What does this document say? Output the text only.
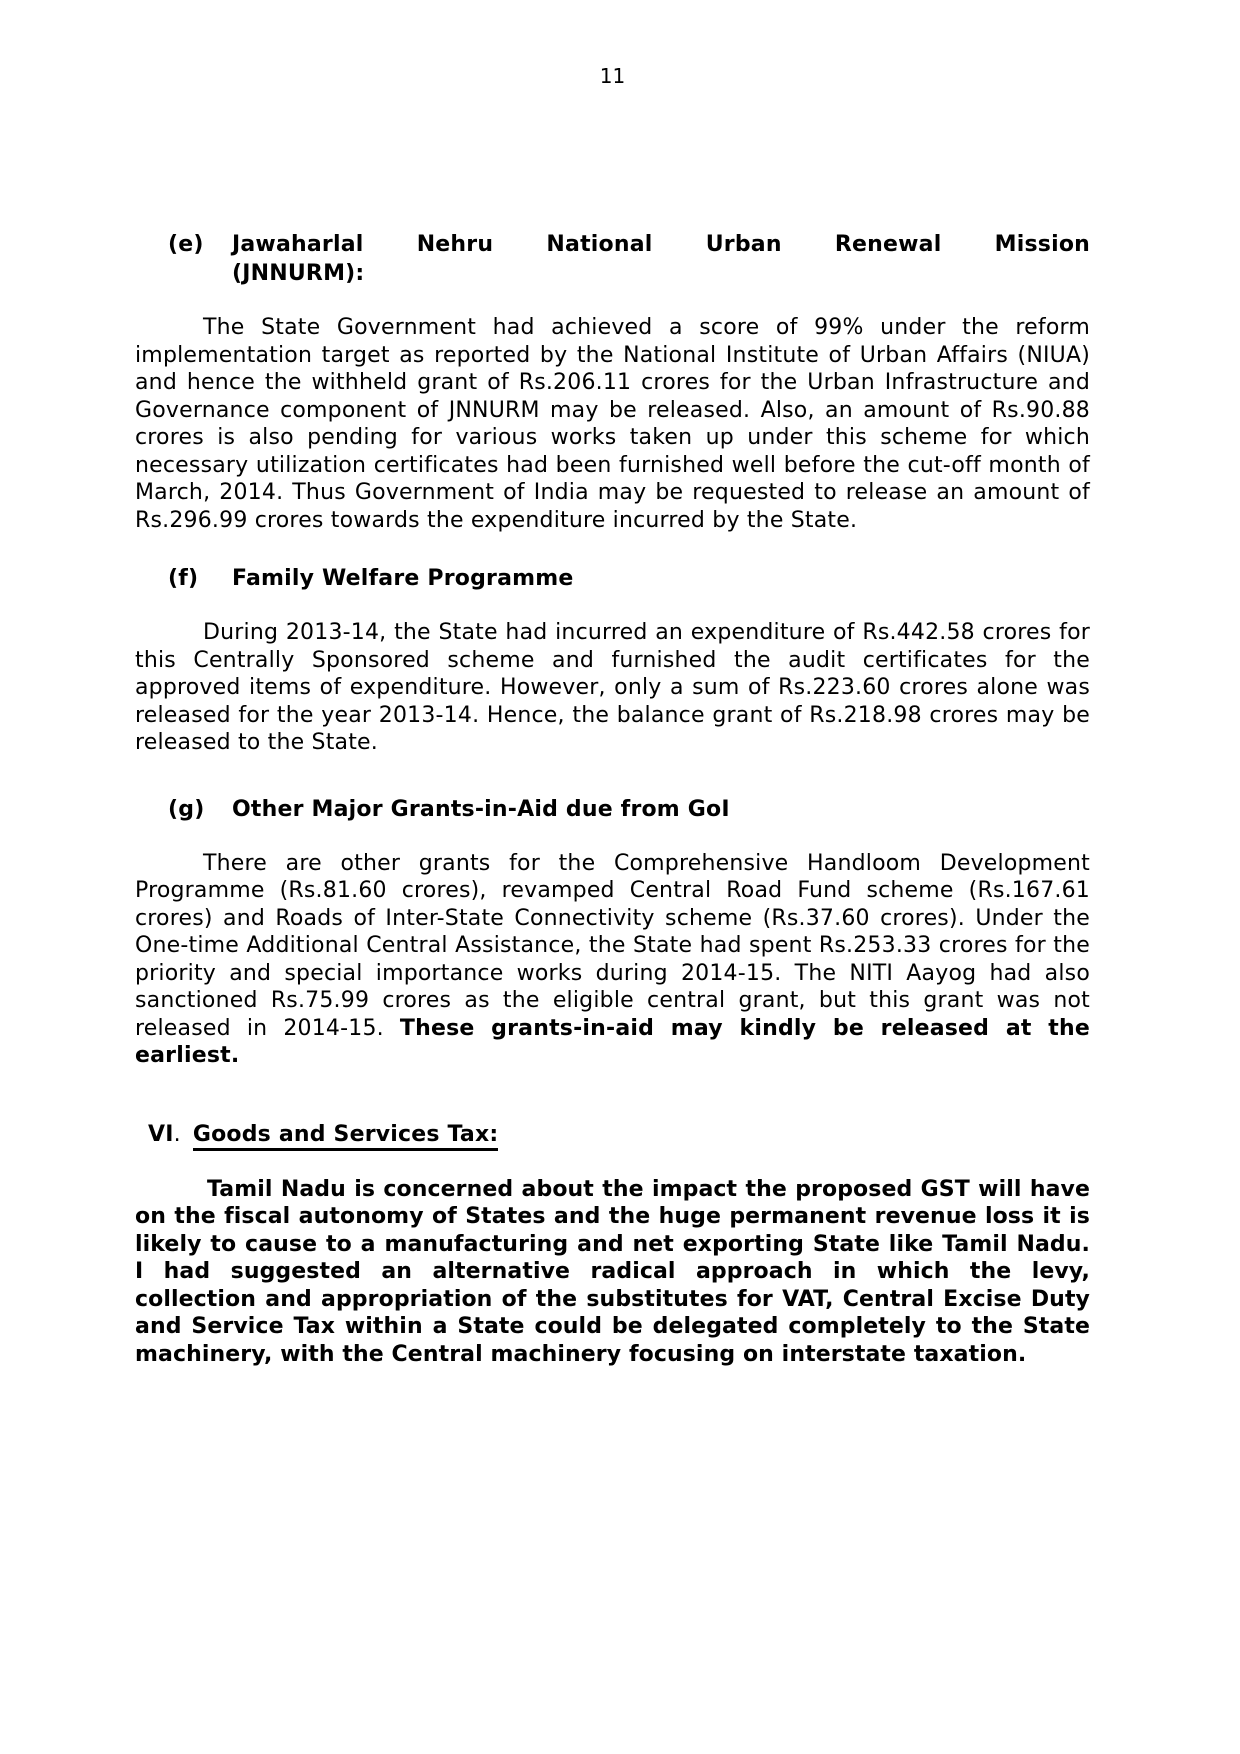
11
(e) Jawaharlal Nehru National Urban Renewal Mission
(JNNURM):

The State Government had achieved a score of 99% under the reform implementation target as reported by the National Institute of Urban Affairs (NIUA) and hence the withheld grant of Rs.206.11 crores for the Urban Infrastructure and Governance component of JNNURM may be released. Also, an amount of Rs.90.88 crores is also pending for various works taken up under this scheme for which necessary utilization certificates had been furnished well before the cut-off month of March, 2014. Thus Government of India may be requested to release an amount of Rs.296.99 crores towards the expenditure incurred by the State.

(f) Family Welfare Programme

During 2013-14, the State had incurred an expenditure of Rs.442.58 crores for this Centrally Sponsored scheme and furnished the audit certificates for the approved items of expenditure. However, only a sum of Rs.223.60 crores alone was released for the year 2013-14. Hence, the balance grant of Rs.218.98 crores may be released to the State.

(g) Other Major Grants-in-Aid due from GoI

There are other grants for the Comprehensive Handloom Development Programme (Rs.81.60 crores), revamped Central Road Fund scheme (Rs.167.61 crores) and Roads of Inter-State Connectivity scheme (Rs.37.60 crores). Under the One-time Additional Central Assistance, the State had spent Rs.253.33 crores for the priority and special importance works during 2014-15. The NITI Aayog had also sanctioned Rs.75.99 crores as the eligible central grant, but this grant was not released in 2014-15. These grants-in-aid may kindly be released at the earliest.

VI. Goods and Services Tax:

Tamil Nadu is concerned about the impact the proposed GST will have on the fiscal autonomy of States and the huge permanent revenue loss it is likely to cause to a manufacturing and net exporting State like Tamil Nadu. I had suggested an alternative radical approach in which the levy, collection and appropriation of the substitutes for VAT, Central Excise Duty and Service Tax within a State could be delegated completely to the State machinery, with the Central machinery focusing on interstate taxation.
